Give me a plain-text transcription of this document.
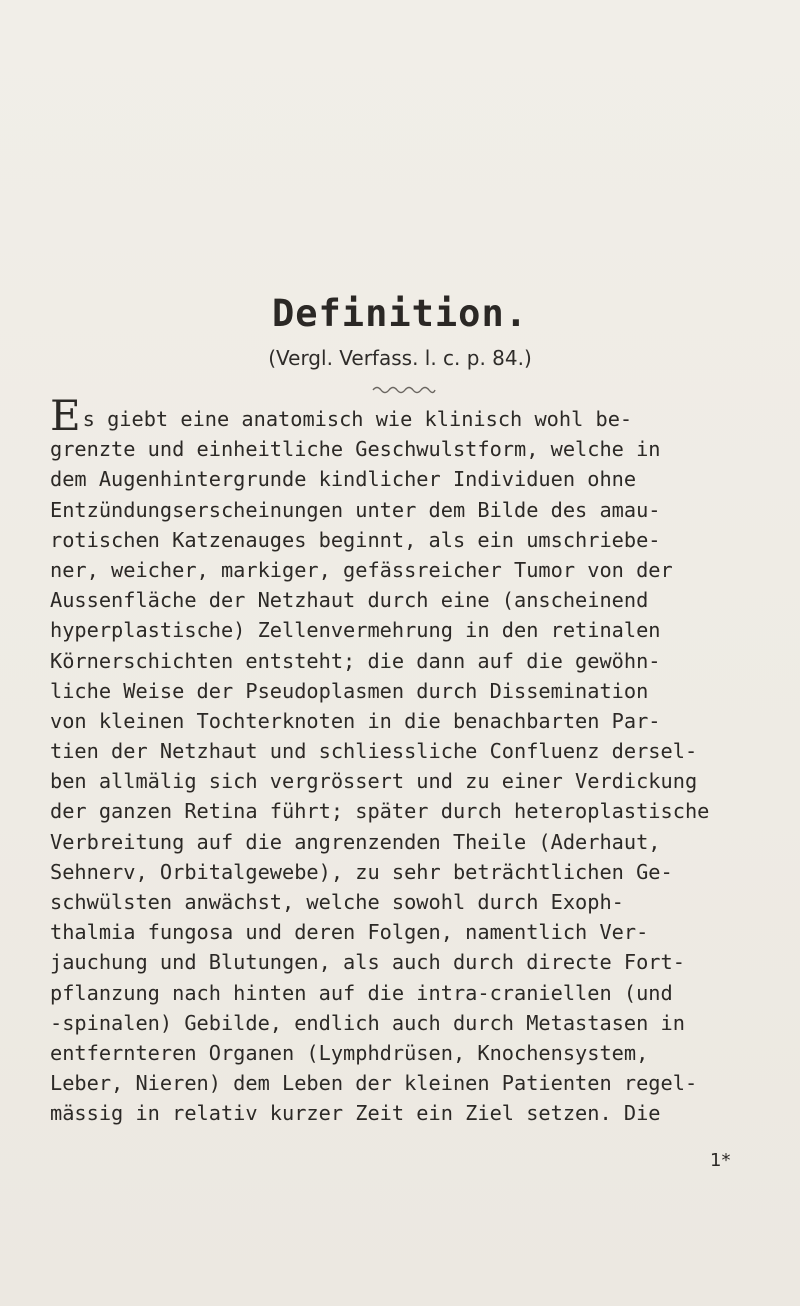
Definition.

(Vergl. Verfass. l. c. p. 84.)

Es giebt eine anatomisch wie klinisch wohl be-
grenzte und einheitliche Geschwulstform, welche in
dem Augenhintergrunde kindlicher Individuen ohne
Entzündungserscheinungen unter dem Bilde des amau-
rotischen Katzenauges beginnt, als ein umschriebe-
ner, weicher, markiger, gefässreicher Tumor von der
Aussenfläche der Netzhaut durch eine (anscheinend
hyperplastische) Zellenvermehrung in den retinalen
Körnerschichten entsteht; die dann auf die gewöhn-
liche Weise der Pseudoplasmen durch Dissemination
von kleinen Tochterknoten in die benachbarten Par-
tien der Netzhaut und schliessliche Confluenz dersel-
ben allmälig sich vergrössert und zu einer Verdickung
der ganzen Retina führt; später durch heteroplastische
Verbreitung auf die angrenzenden Theile (Aderhaut,
Sehnerv, Orbitalgewebe), zu sehr beträchtlichen Ge-
schwülsten anwächst, welche sowohl durch Exoph-
thalmia fungosa und deren Folgen, namentlich Ver-
jauchung und Blutungen, als auch durch directe Fort-
pflanzung nach hinten auf die intra-craniellen (und
-spinalen) Gebilde, endlich auch durch Metastasen in
entfernteren Organen (Lymphdrüsen, Knochensystem,
Leber, Nieren) dem Leben der kleinen Patienten regel-
mässig in relativ kurzer Zeit ein Ziel setzen. Die
1*
